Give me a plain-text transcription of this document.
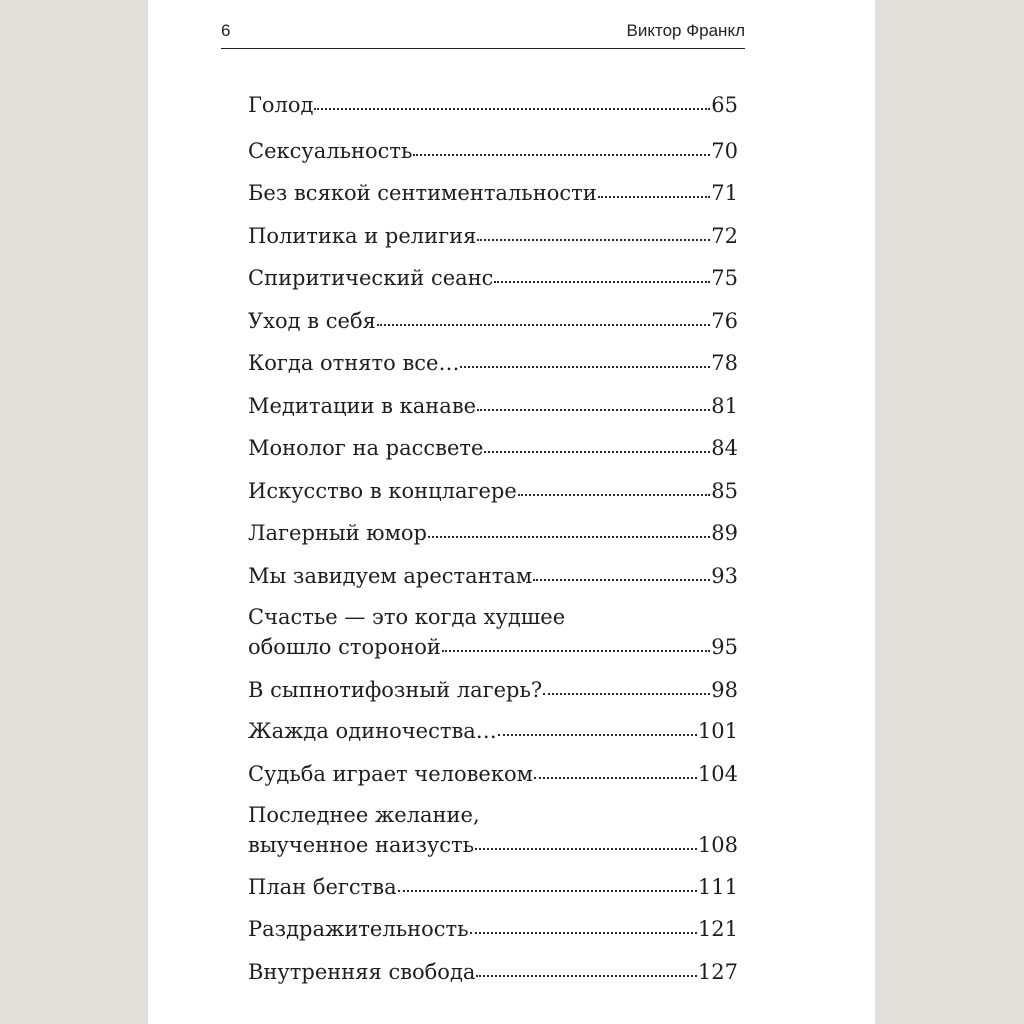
6	Виктор Франкл
Голод	65
Сексуальность	70
Без всякой сентиментальности	71
Политика и религия	72
Спиритический сеанс	75
Уход в себя	76
Когда отнято все…	78
Медитации в канаве	81
Монолог на рассвете	84
Искусство в концлагере	85
Лагерный юмор	89
Мы завидуем арестантам	93
Счастье — это когда худшее
обошло стороной	95
В сыпнотифозный лагерь?	98
Жажда одиночества…	101
Судьба играет человеком	104
Последнее желание,
выученное наизусть	108
План бегства	111
Раздражительность	121
Внутренняя свобода	127
